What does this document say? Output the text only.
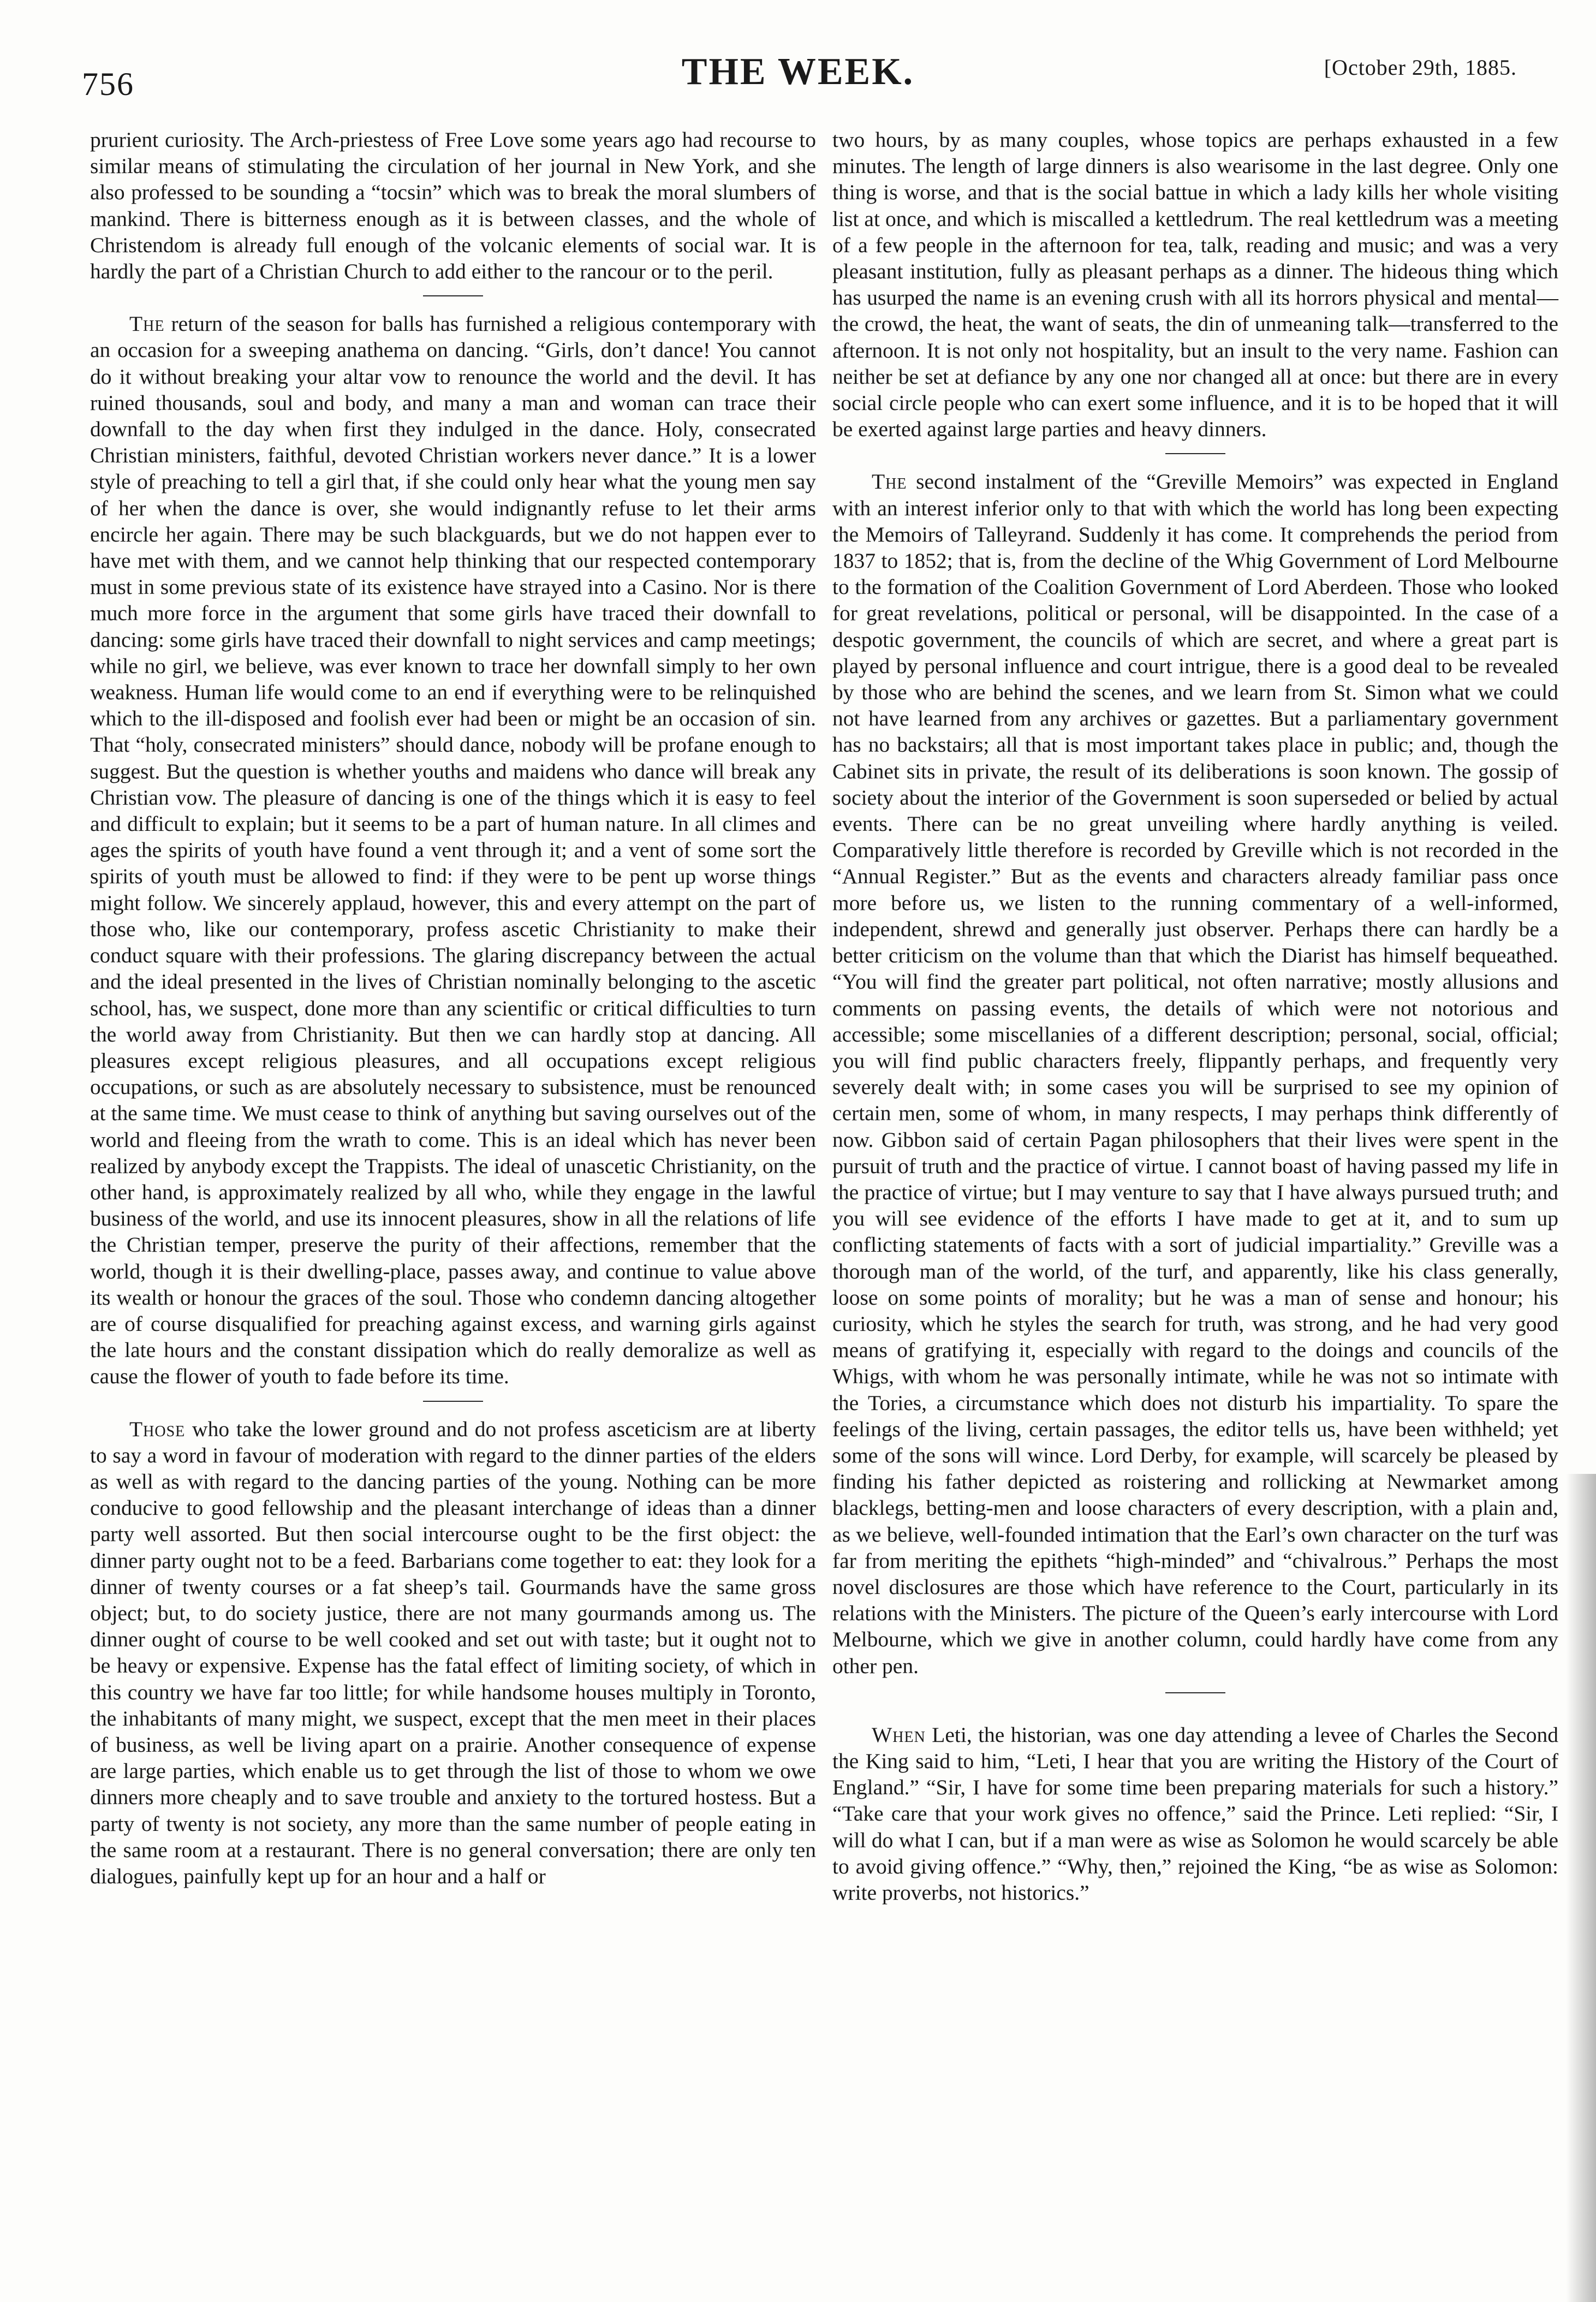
756	THE WEEK.	[October 29th, 1885.

prurient curiosity. The Arch-priestess of Free Love some years ago had recourse to similar means of stimulating the circulation of her journal in New York, and she also professed to be sounding a “tocsin” which was to break the moral slumbers of mankind. There is bitterness enough as it is between classes, and the whole of Christendom is already full enough of the volcanic elements of social war. It is hardly the part of a Christian Church to add either to the rancour or to the peril.

The return of the season for balls has furnished a religious contemporary with an occasion for a sweeping anathema on dancing. “Girls, don’t dance! You cannot do it without breaking your altar vow to renounce the world and the devil. It has ruined thousands, soul and body, and many a man and woman can trace their downfall to the day when first they indulged in the dance. Holy, consecrated Christian ministers, faithful, devoted Christian workers never dance.” It is a lower style of preaching to tell a girl that, if she could only hear what the young men say of her when the dance is over, she would indignantly refuse to let their arms encircle her again. There may be such blackguards, but we do not happen ever to have met with them, and we cannot help thinking that our respected contemporary must in some previous state of its existence have strayed into a Casino. Nor is there much more force in the argument that some girls have traced their downfall to dancing: some girls have traced their downfall to night services and camp meetings; while no girl, we believe, was ever known to trace her downfall simply to her own weakness. Human life would come to an end if everything were to be relinquished which to the ill-disposed and foolish ever had been or might be an occasion of sin. That “holy, consecrated ministers” should dance, nobody will be profane enough to suggest. But the question is whether youths and maidens who dance will break any Christian vow. The pleasure of dancing is one of the things which it is easy to feel and difficult to explain; but it seems to be a part of human nature. In all climes and ages the spirits of youth have found a vent through it; and a vent of some sort the spirits of youth must be allowed to find: if they were to be pent up worse things might follow. We sincerely applaud, however, this and every attempt on the part of those who, like our contemporary, profess ascetic Christianity to make their conduct square with their professions. The glaring discrepancy between the actual and the ideal presented in the lives of Christian nominally belonging to the ascetic school, has, we suspect, done more than any scientific or critical difficulties to turn the world away from Christianity. But then we can hardly stop at dancing. All pleasures except religious pleasures, and all occupations except religious occupations, or such as are absolutely necessary to subsistence, must be renounced at the same time. We must cease to think of anything but saving ourselves out of the world and fleeing from the wrath to come. This is an ideal which has never been realized by anybody except the Trappists. The ideal of unascetic Christianity, on the other hand, is approximately realized by all who, while they engage in the lawful business of the world, and use its innocent pleasures, show in all the relations of life the Christian temper, preserve the purity of their affections, remember that the world, though it is their dwelling-place, passes away, and continue to value above its wealth or honour the graces of the soul. Those who condemn dancing altogether are of course disqualified for preaching against excess, and warning girls against the late hours and the constant dissipation which do really demoralize as well as cause the flower of youth to fade before its time.

Those who take the lower ground and do not profess asceticism are at liberty to say a word in favour of moderation with regard to the dinner parties of the elders as well as with regard to the dancing parties of the young. Nothing can be more conducive to good fellowship and the pleasant interchange of ideas than a dinner party well assorted. But then social intercourse ought to be the first object: the dinner party ought not to be a feed. Barbarians come together to eat: they look for a dinner of twenty courses or a fat sheep’s tail. Gourmands have the same gross object; but, to do society justice, there are not many gourmands among us. The dinner ought of course to be well cooked and set out with taste; but it ought not to be heavy or expensive. Expense has the fatal effect of limiting society, of which in this country we have far too little; for while handsome houses multiply in Toronto, the inhabitants of many might, we suspect, except that the men meet in their places of business, as well be living apart on a prairie. Another consequence of expense are large parties, which enable us to get through the list of those to whom we owe dinners more cheaply and to save trouble and anxiety to the tortured hostess. But a party of twenty is not society, any more than the same number of people eating in the same room at a restaurant. There is no general conversation; there are only ten dialogues, painfully kept up for an hour and a half or

two hours, by as many couples, whose topics are perhaps exhausted in a few minutes. The length of large dinners is also wearisome in the last degree. Only one thing is worse, and that is the social battue in which a lady kills her whole visiting list at once, and which is miscalled a kettledrum. The real kettledrum was a meeting of a few people in the afternoon for tea, talk, reading and music; and was a very pleasant institution, fully as pleasant perhaps as a dinner. The hideous thing which has usurped the name is an evening crush with all its horrors physical and mental—the crowd, the heat, the want of seats, the din of unmeaning talk—transferred to the afternoon. It is not only not hospitality, but an insult to the very name. Fashion can neither be set at defiance by any one nor changed all at once: but there are in every social circle people who can exert some influence, and it is to be hoped that it will be exerted against large parties and heavy dinners.

The second instalment of the “Greville Memoirs” was expected in England with an interest inferior only to that with which the world has long been expecting the Memoirs of Talleyrand. Suddenly it has come. It comprehends the period from 1837 to 1852; that is, from the decline of the Whig Government of Lord Melbourne to the formation of the Coalition Government of Lord Aberdeen. Those who looked for great revelations, political or personal, will be disappointed. In the case of a despotic government, the councils of which are secret, and where a great part is played by personal influence and court intrigue, there is a good deal to be revealed by those who are behind the scenes, and we learn from St. Simon what we could not have learned from any archives or gazettes. But a parliamentary government has no backstairs; all that is most important takes place in public; and, though the Cabinet sits in private, the result of its deliberations is soon known. The gossip of society about the interior of the Government is soon superseded or belied by actual events. There can be no great unveiling where hardly anything is veiled. Comparatively little therefore is recorded by Greville which is not recorded in the “Annual Register.” But as the events and characters already familiar pass once more before us, we listen to the running commentary of a well-informed, independent, shrewd and generally just observer. Perhaps there can hardly be a better criticism on the volume than that which the Diarist has himself bequeathed. “You will find the greater part political, not often narrative; mostly allusions and comments on passing events, the details of which were not notorious and accessible; some miscellanies of a different description; personal, social, official; you will find public characters freely, flippantly perhaps, and frequently very severely dealt with; in some cases you will be surprised to see my opinion of certain men, some of whom, in many respects, I may perhaps think differently of now. Gibbon said of certain Pagan philosophers that their lives were spent in the pursuit of truth and the practice of virtue. I cannot boast of having passed my life in the practice of virtue; but I may venture to say that I have always pursued truth; and you will see evidence of the efforts I have made to get at it, and to sum up conflicting statements of facts with a sort of judicial impartiality.” Greville was a thorough man of the world, of the turf, and apparently, like his class generally, loose on some points of morality; but he was a man of sense and honour; his curiosity, which he styles the search for truth, was strong, and he had very good means of gratifying it, especially with regard to the doings and councils of the Whigs, with whom he was personally intimate, while he was not so intimate with the Tories, a circumstance which does not disturb his impartiality. To spare the feelings of the living, certain passages, the editor tells us, have been withheld; yet some of the sons will wince. Lord Derby, for example, will scarcely be pleased by finding his father depicted as roistering and rollicking at Newmarket among blacklegs, betting-men and loose characters of every description, with a plain and, as we believe, well-founded intimation that the Earl’s own character on the turf was far from meriting the epithets “high-minded” and “chivalrous.” Perhaps the most novel disclosures are those which have reference to the Court, particularly in its relations with the Ministers. The picture of the Queen’s early intercourse with Lord Melbourne, which we give in another column, could hardly have come from any other pen.

When Leti, the historian, was one day attending a levee of Charles the Second the King said to him, “Leti, I hear that you are writing the History of the Court of England.” “Sir, I have for some time been preparing materials for such a history.” “Take care that your work gives no offence,” said the Prince. Leti replied: “Sir, I will do what I can, but if a man were as wise as Solomon he would scarcely be able to avoid giving offence.” “Why, then,” rejoined the King, “be as wise as Solomon: write proverbs, not historics.”
